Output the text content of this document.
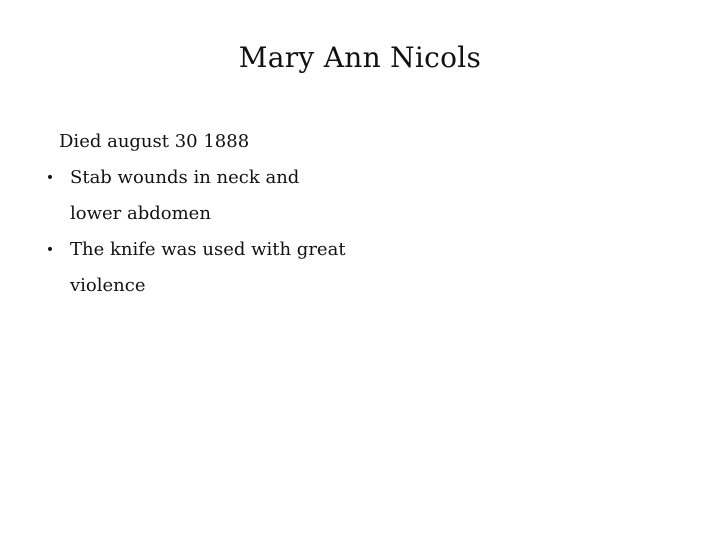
Mary Ann Nicols
Died august 30 1888
• Stab wounds in neck and lower abdomen
• The knife was used with great violence
